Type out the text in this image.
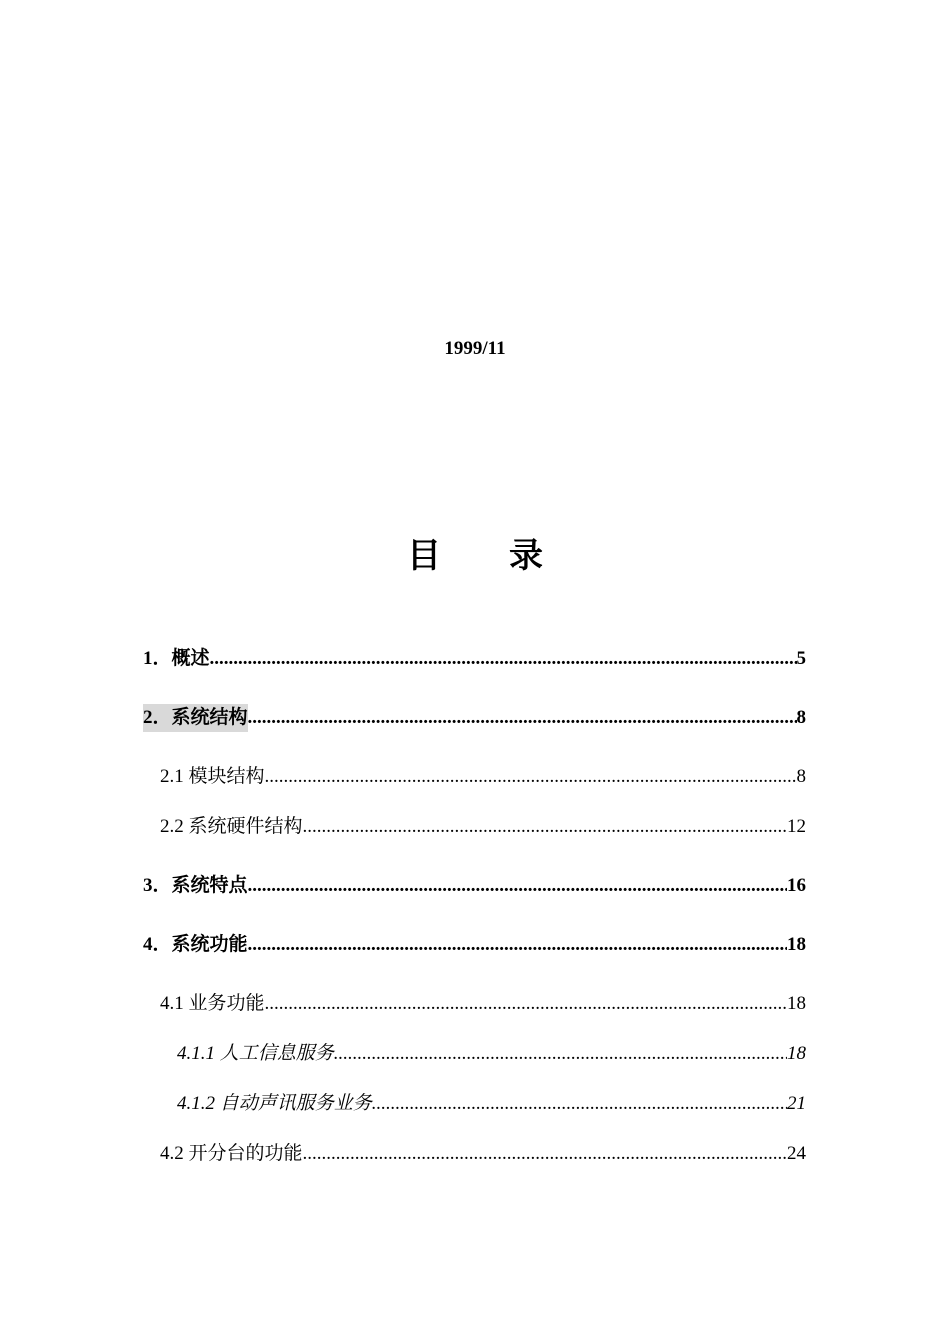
1999/11
目 录
1．概述 .....	5
2．系统结构 .....	8
2.1 模块结构 .....	8
2.2 系统硬件结构 .....	12
3．系统特点 .....	16
4．系统功能 .....	18
4.1 业务功能 .....	18
4.1.1 人工信息服务 .....	18
4.1.2 自动声讯服务业务 .....	21
4.2 开分台的功能 .....	24
